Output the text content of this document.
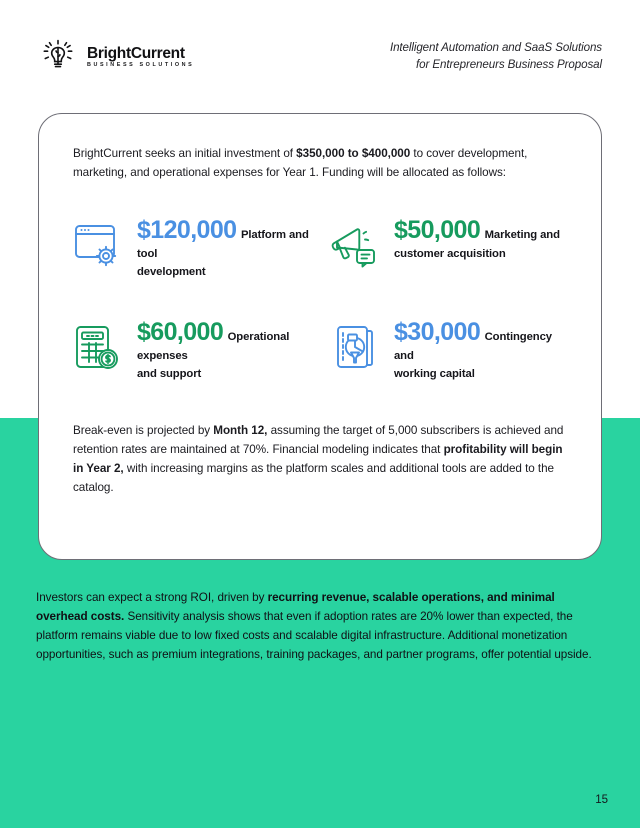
BrightCurrent
BUSINESS SOLUTIONS
Intelligent Automation and SaaS Solutions
for Entrepreneurs Business Proposal

BrightCurrent seeks an initial investment of $350,000 to $400,000 to cover development, marketing, and operational expenses for Year 1. Funding will be allocated as follows:

$120,000 Platform and tool
development
$50,000 Marketing and
customer acquisition
$60,000 Operational expenses
and support
$30,000 Contingency and
working capital

Break-even is projected by Month 12, assuming the target of 5,000 subscribers is achieved and retention rates are maintained at 70%. Financial modeling indicates that profitability will begin in Year 2, with increasing margins as the platform scales and additional tools are added to the catalog.

Investors can expect a strong ROI, driven by recurring revenue, scalable operations, and minimal overhead costs. Sensitivity analysis shows that even if adoption rates are 20% lower than expected, the platform remains viable due to low fixed costs and scalable digital infrastructure. Additional monetization opportunities, such as premium integrations, training packages, and partner programs, offer potential upside.

15
